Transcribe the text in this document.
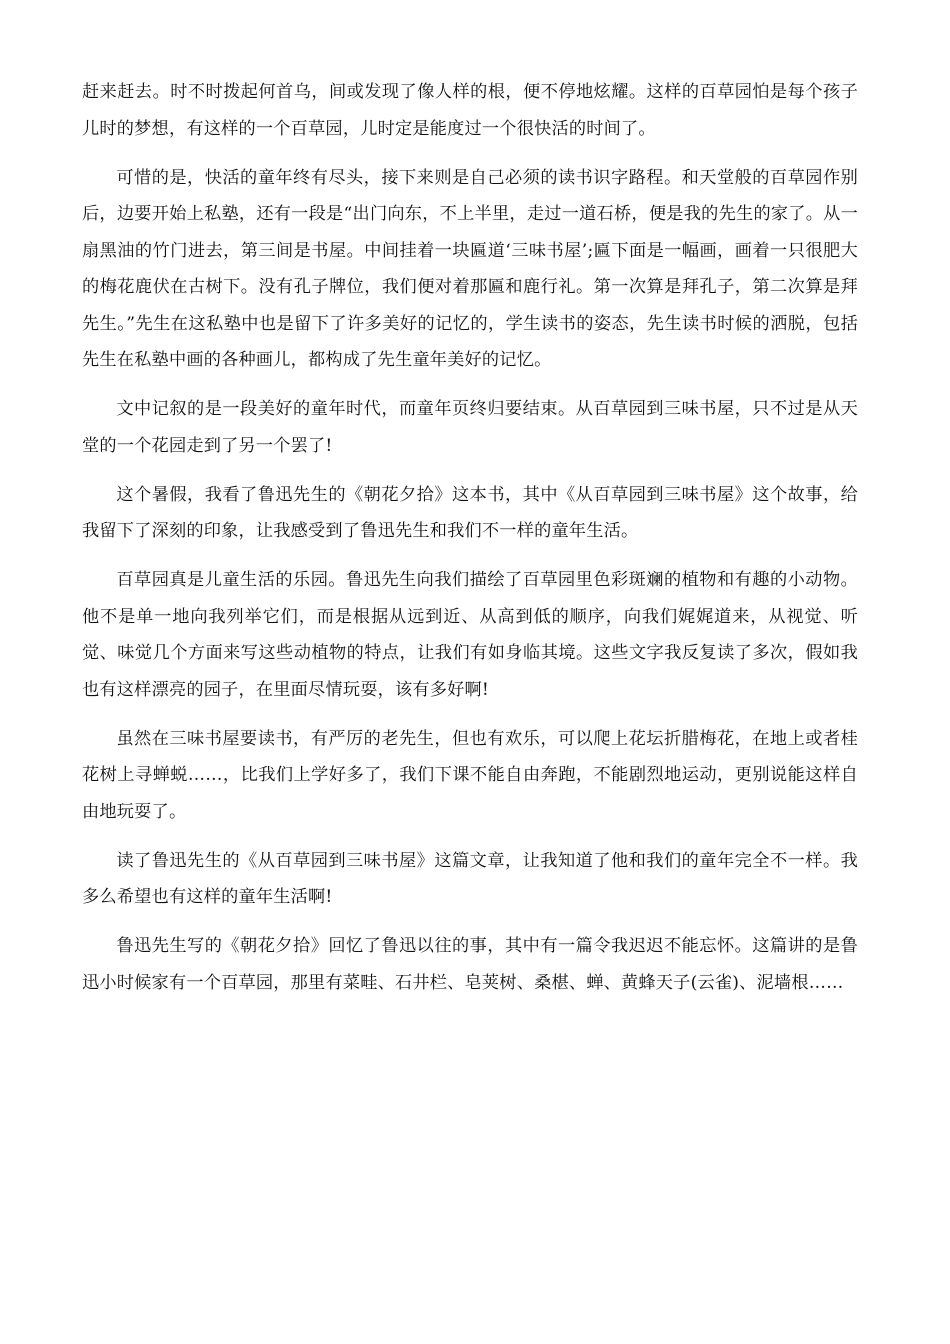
赶来赶去。时不时拨起何首乌，间或发现了像人样的根，便不停地炫耀。这样的百草园怕是每个孩子儿时的梦想，有这样的一个百草园，儿时定是能度过一个很快活的时间了。

可惜的是，快活的童年终有尽头，接下来则是自己必须的读书识字路程。和天堂般的百草园作别后，边要开始上私塾，还有一段是“出门向东，不上半里，走过一道石桥，便是我的先生的家了。从一扇黑油的竹门进去，第三间是书屋。中间挂着一块匾道‘三味书屋’;匾下面是一幅画，画着一只很肥大的梅花鹿伏在古树下。没有孔子牌位，我们便对着那匾和鹿行礼。第一次算是拜孔子，第二次算是拜先生。”先生在这私塾中也是留下了许多美好的记忆的，学生读书的姿态，先生读书时候的洒脱，包括先生在私塾中画的各种画儿，都构成了先生童年美好的记忆。

文中记叙的是一段美好的童年时代，而童年页终归要结束。从百草园到三味书屋，只不过是从天堂的一个花园走到了另一个罢了!

这个暑假，我看了鲁迅先生的《朝花夕拾》这本书，其中《从百草园到三味书屋》这个故事，给我留下了深刻的印象，让我感受到了鲁迅先生和我们不一样的童年生活。

百草园真是儿童生活的乐园。鲁迅先生向我们描绘了百草园里色彩斑斓的植物和有趣的小动物。他不是单一地向我列举它们，而是根据从远到近、从高到低的顺序，向我们娓娓道来，从视觉、听觉、味觉几个方面来写这些动植物的特点，让我们有如身临其境。这些文字我反复读了多次，假如我也有这样漂亮的园子，在里面尽情玩耍，该有多好啊!

虽然在三味书屋要读书，有严厉的老先生，但也有欢乐，可以爬上花坛折腊梅花，在地上或者桂花树上寻蝉蜕……，比我们上学好多了，我们下课不能自由奔跑，不能剧烈地运动，更别说能这样自由地玩耍了。

读了鲁迅先生的《从百草园到三味书屋》这篇文章，让我知道了他和我们的童年完全不一样。我多么希望也有这样的童年生活啊!

鲁迅先生写的《朝花夕拾》回忆了鲁迅以往的事，其中有一篇令我迟迟不能忘怀。这篇讲的是鲁迅小时候家有一个百草园，那里有菜畦、石井栏、皂荚树、桑椹、蝉、黄蜂天子(云雀)、泥墙根……
